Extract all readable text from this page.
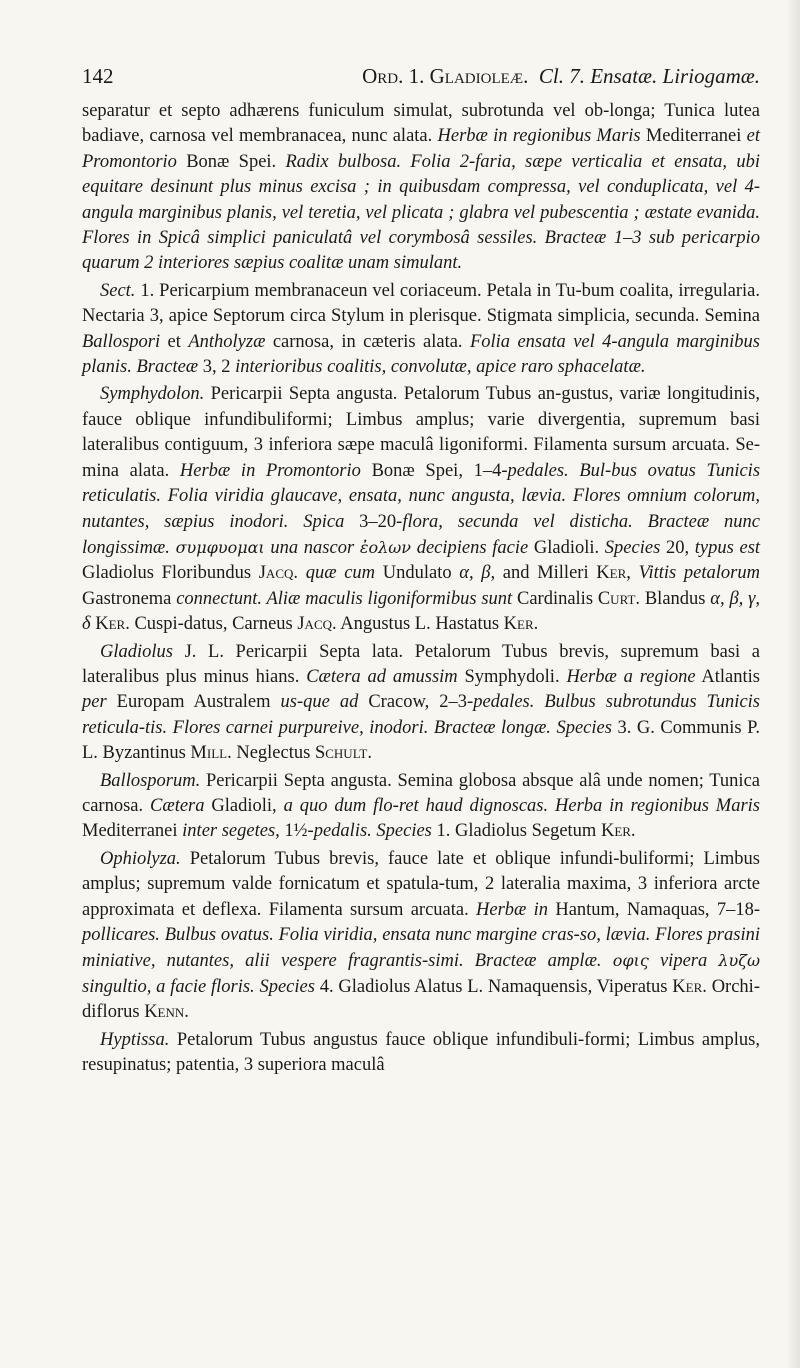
142	Ord. 1. Gladioleæ. Cl. 7. Ensatæ. Liriogamæ.

separatur et septo adhærens funiculum simulat, subrotunda vel ob-longa; Tunica lutea badiave, carnosa vel membranacea, nunc alata. Herbæ in regionibus Maris Mediterranei et Promontorio Bonæ Spei. Radix bulbosa. Folia 2-faria, sæpe verticalia et ensata, ubi equitare desinunt plus minus excisa ; in quibusdam compressa, vel conduplicata, vel 4-angula marginibus planis, vel teretia, vel plicata ; glabra vel pubescentia ; æstate evanida. Flores in Spicâ simplici paniculatâ vel corymbosâ sessiles. Bracteæ 1–3 sub pericarpio quarum 2 interiores sæpius coalitæ unam simulant.

Sect. 1. Pericarpium membranaceun vel coriaceum. Petala in Tu-bum coalita, irregularia. Nectaria 3, apice Septorum circa Stylum in plerisque. Stigmata simplicia, secunda. Semina Ballospori et Antholyzæ carnosa, in cæteris alata. Folia ensata vel 4-angula marginibus planis. Bracteæ 3, 2 interioribus coalitis, convolutæ, apice raro sphacelatæ.

Symphydolon. Pericarpii Septa angusta. Petalorum Tubus an-gustus, variæ longitudinis, fauce oblique infundibuliformi; Limbus amplus; varie divergentia, supremum basi lateralibus contiguum, 3 inferiora sæpe maculâ ligoniformi. Filamenta sursum arcuata. Se-mina alata. Herbæ in Promontorio Bonæ Spei, 1–4-pedales. Bul-bus ovatus Tunicis reticulatis. Folia viridia glaucave, ensata, nunc angusta, lævia. Flores omnium colorum, nutantes, sæpius inodori. Spica 3–20-flora, secunda vel disticha. Bracteæ nunc longissimæ. συμφυομαι una nascor ἐολων decipiens facie Gladioli. Species 20, typus est Gladiolus Floribundus Jacq. quæ cum Undulato α, β, and Milleri Ker, Vittis petalorum Gastronema connectunt. Aliæ maculis ligoniformibus sunt Cardinalis Curt. Blandus α, β, γ, δ Ker. Cuspi-datus, Carneus Jacq. Angustus L. Hastatus Ker.

Gladiolus J. L. Pericarpii Septa lata. Petalorum Tubus brevis, supremum basi a lateralibus plus minus hians. Cætera ad amussim Symphydoli. Herbæ a regione Atlantis per Europam Australem us-que ad Cracow, 2–3-pedales. Bulbus subrotundus Tunicis reticula-tis. Flores carnei purpureive, inodori. Bracteæ longæ. Species 3. G. Communis P. L. Byzantinus Mill. Neglectus Schult.

Ballosporum. Pericarpii Septa angusta. Semina globosa absque alâ unde nomen; Tunica carnosa. Cætera Gladioli, a quo dum flo-ret haud dignoscas. Herba in regionibus Maris Mediterranei inter segetes, 1½-pedalis. Species 1. Gladiolus Segetum Ker.

Ophiolyza. Petalorum Tubus brevis, fauce late et oblique infundi-buliformi; Limbus amplus; supremum valde fornicatum et spatula-tum, 2 lateralia maxima, 3 inferiora arcte approximata et deflexa. Filamenta sursum arcuata. Herbæ in Hantum, Namaquas, 7–18-pollicares. Bulbus ovatus. Folia viridia, ensata nunc margine cras-so, lævia. Flores prasini miniative, nutantes, alii vespere fragrantis-simi. Bracteæ amplæ. οφις vipera λυζω singultio, a facie floris. Species 4. Gladiolus Alatus L. Namaquensis, Viperatus Ker. Orchi-diflorus Kenn.

Hyptissa. Petalorum Tubus angustus fauce oblique infundibuli-formi; Limbus amplus, resupinatus; patentia, 3 superiora maculâ
